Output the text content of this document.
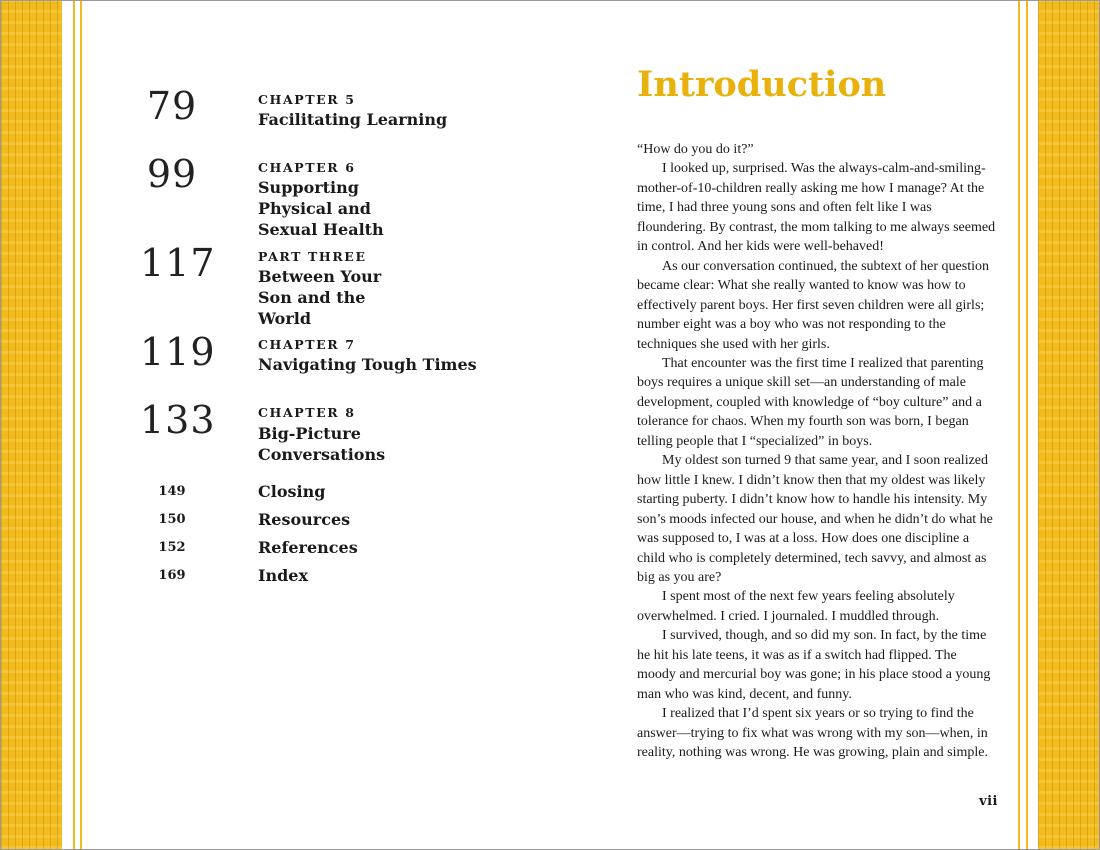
79	CHAPTER 5
Facilitating Learning
99	CHAPTER 6
Supporting Physical and Sexual Health
117	PART THREE
Between Your Son and the World
119	CHAPTER 7
Navigating Tough Times
133	CHAPTER 8
Big-Picture Conversations
149	Closing
150	Resources
152	References
169	Index
Introduction

“How do you do it?”

I looked up, surprised. Was the always-calm-and-smiling-mother-of-10-children really asking me how I manage? At the time, I had three young sons and often felt like I was floundering. By contrast, the mom talking to me always seemed in control. And her kids were well-behaved!

As our conversation continued, the subtext of her question became clear: What she really wanted to know was how to effectively parent boys. Her first seven children were all girls; number eight was a boy who was not responding to the techniques she used with her girls.

That encounter was the first time I realized that parenting boys requires a unique skill set—an understanding of male development, coupled with knowledge of “boy culture” and a tolerance for chaos. When my fourth son was born, I began telling people that I “specialized” in boys.

My oldest son turned 9 that same year, and I soon realized how little I knew. I didn’t know then that my oldest was likely starting puberty. I didn’t know how to handle his intensity. My son’s moods infected our house, and when he didn’t do what he was supposed to, I was at a loss. How does one discipline a child who is completely determined, tech savvy, and almost as big as you are?

I spent most of the next few years feeling absolutely overwhelmed. I cried. I journaled. I muddled through.

I survived, though, and so did my son. In fact, by the time he hit his late teens, it was as if a switch had flipped. The moody and mercurial boy was gone; in his place stood a young man who was kind, decent, and funny.

I realized that I’d spent six years or so trying to find the answer—trying to fix what was wrong with my son—when, in reality, nothing was wrong. He was growing, plain and simple.

vii
